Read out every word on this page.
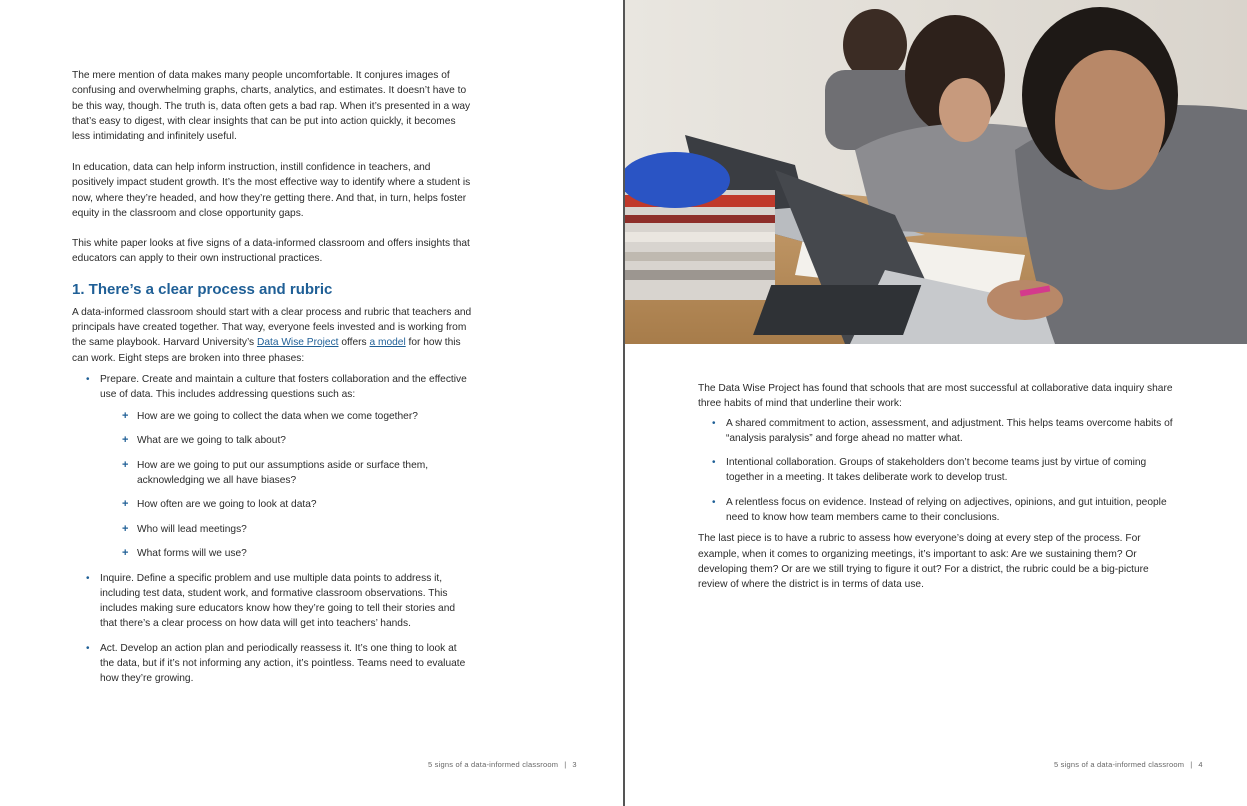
The mere mention of data makes many people uncomfortable. It conjures images of confusing and overwhelming graphs, charts, analytics, and estimates. It doesn’t have to be this way, though. The truth is, data often gets a bad rap. When it’s presented in a way that’s easy to digest, with clear insights that can be put into action quickly, it becomes less intimidating and infinitely useful.

In education, data can help inform instruction, instill confidence in teachers, and positively impact student growth. It’s the most effective way to identify where a student is now, where they’re headed, and how they’re getting there. And that, in turn, helps foster equity in the classroom and close opportunity gaps.

This white paper looks at five signs of a data-informed classroom and offers insights that educators can apply to their own instructional practices.

1. There’s a clear process and rubric

A data-informed classroom should start with a clear process and rubric that teachers and principals have created together. That way, everyone feels invested and is working from the same playbook. Harvard University’s Data Wise Project offers a model for how this can work. Eight steps are broken into three phases:

• Prepare. Create and maintain a culture that fosters collaboration and the effective use of data. This includes addressing questions such as:
+ How are we going to collect the data when we come together?
+ What are we going to talk about?
+ How are we going to put our assumptions aside or surface them, acknowledging we all have biases?
+ How often are we going to look at data?
+ Who will lead meetings?
+ What forms will we use?
• Inquire. Define a specific problem and use multiple data points to address it, including test data, student work, and formative classroom observations. This includes making sure educators know how they’re going to tell their stories and that there’s a clear process on how data will get into teachers’ hands.
• Act. Develop an action plan and periodically reassess it. It’s one thing to look at the data, but if it’s not informing any action, it’s pointless. Teams need to evaluate how they’re growing.
5 signs of a data-informed classroom | 3

The Data Wise Project has found that schools that are most successful at collaborative data inquiry share three habits of mind that underline their work:

• A shared commitment to action, assessment, and adjustment. This helps teams overcome habits of “analysis paralysis” and forge ahead no matter what.
• Intentional collaboration. Groups of stakeholders don’t become teams just by virtue of coming together in a meeting. It takes deliberate work to develop trust.
• A relentless focus on evidence. Instead of relying on adjectives, opinions, and gut intuition, people need to know how team members came to their conclusions.

The last piece is to have a rubric to assess how everyone’s doing at every step of the process. For example, when it comes to organizing meetings, it’s important to ask: Are we sustaining them? Or developing them? Or are we still trying to figure it out? For a district, the rubric could be a big-picture review of where the district is in terms of data use.

5 signs of a data-informed classroom | 4
